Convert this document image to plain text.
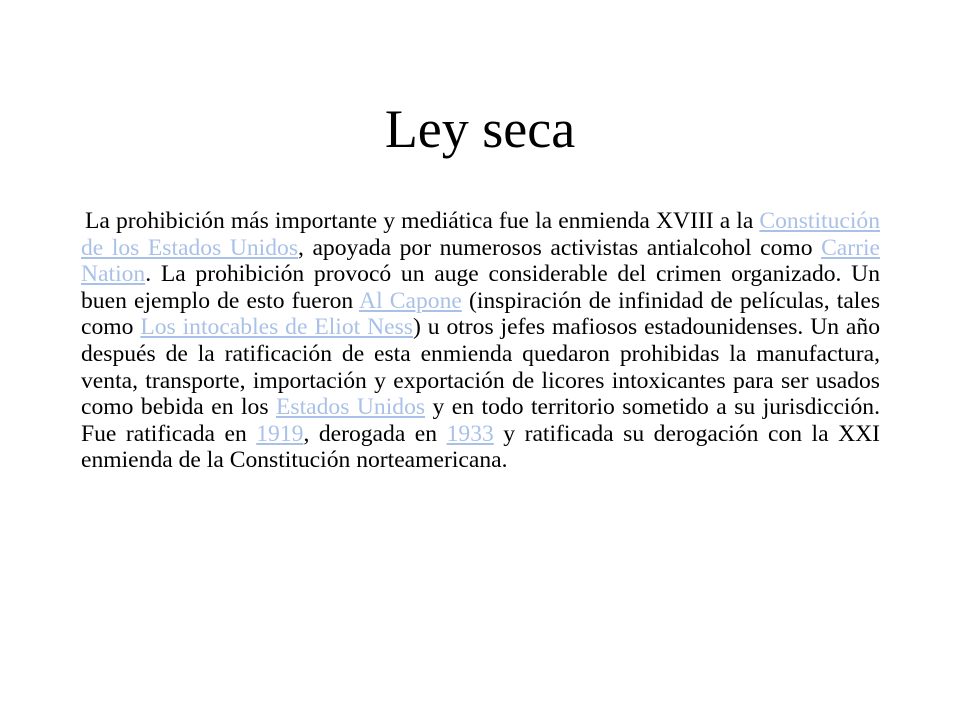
Ley seca

La prohibición más importante y mediática fue la enmienda XVIII a la Constitución de los Estados Unidos, apoyada por numerosos activistas antialcohol como Carrie Nation. La prohibición provocó un auge considerable del crimen organizado. Un buen ejemplo de esto fueron Al Capone (inspiración de infinidad de películas, tales como Los intocables de Eliot Ness) u otros jefes mafiosos estadounidenses. Un año después de la ratificación de esta enmienda quedaron prohibidas la manufactura, venta, transporte, importación y exportación de licores intoxicantes para ser usados como bebida en los Estados Unidos y en todo territorio sometido a su jurisdicción. Fue ratificada en 1919, derogada en 1933 y ratificada su derogación con la XXI enmienda de la Constitución norteamericana.
